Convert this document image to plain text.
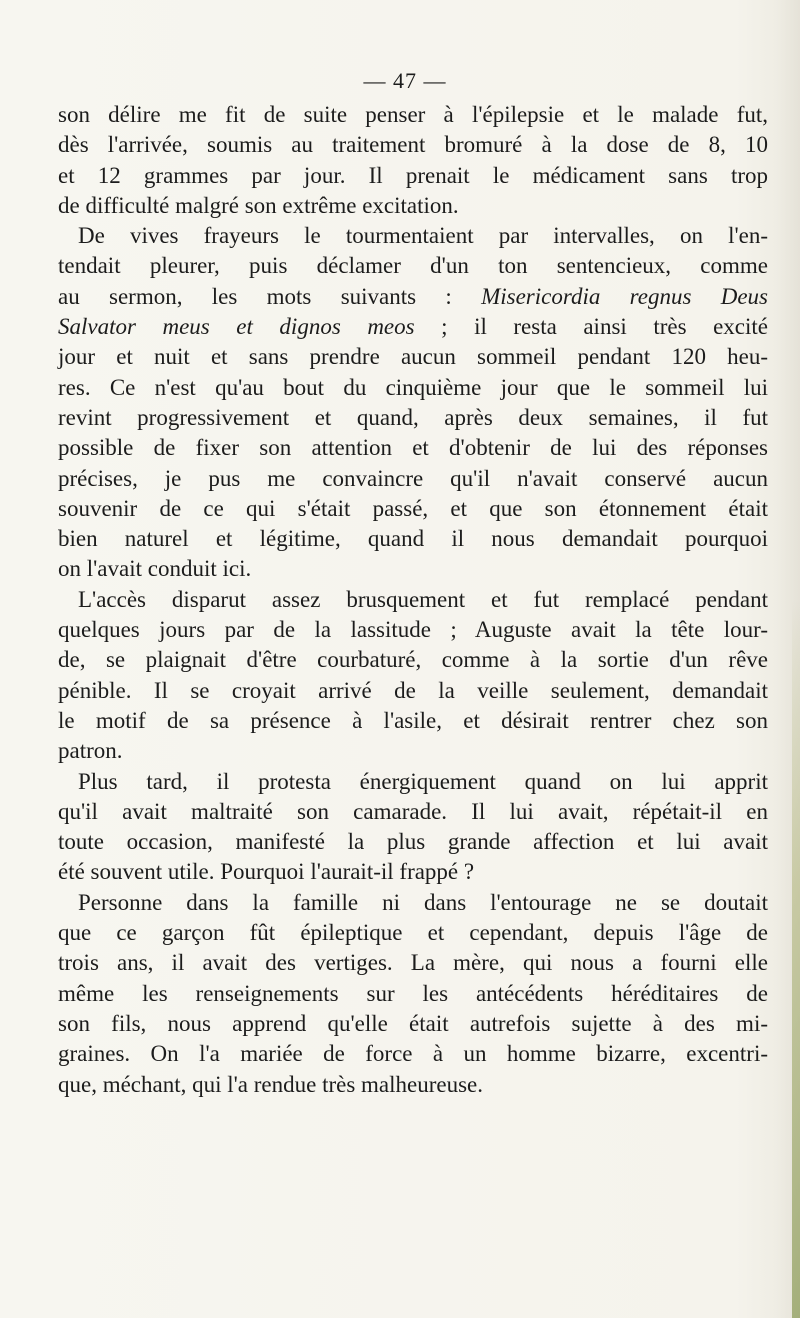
— 47 —
son délire me fit de suite penser à l'épilepsie et le malade fut,
dès l'arrivée, soumis au traitement bromuré à la dose de 8, 10
et 12 grammes par jour. Il prenait le médicament sans trop
de difficulté malgré son extrême excitation.
De vives frayeurs le tourmentaient par intervalles, on l'en-
tendait pleurer, puis déclamer d'un ton sentencieux, comme
au sermon, les mots suivants : Misericordia regnus Deus
Salvator meus et dignos meos ; il resta ainsi très excité
jour et nuit et sans prendre aucun sommeil pendant 120 heu-
res. Ce n'est qu'au bout du cinquième jour que le sommeil lui
revint progressivement et quand, après deux semaines, il fut
possible de fixer son attention et d'obtenir de lui des réponses
précises, je pus me convaincre qu'il n'avait conservé aucun
souvenir de ce qui s'était passé, et que son étonnement était
bien naturel et légitime, quand il nous demandait pourquoi
on l'avait conduit ici.
L'accès disparut assez brusquement et fut remplacé pendant
quelques jours par de la lassitude ; Auguste avait la tête lour-
de, se plaignait d'être courbaturé, comme à la sortie d'un rêve
pénible. Il se croyait arrivé de la veille seulement, demandait
le motif de sa présence à l'asile, et désirait rentrer chez son
patron.
Plus tard, il protesta énergiquement quand on lui apprit
qu'il avait maltraité son camarade. Il lui avait, répétait-il en
toute occasion, manifesté la plus grande affection et lui avait
été souvent utile. Pourquoi l'aurait-il frappé ?
Personne dans la famille ni dans l'entourage ne se doutait
que ce garçon fût épileptique et cependant, depuis l'âge de
trois ans, il avait des vertiges. La mère, qui nous a fourni elle
même les renseignements sur les antécédents héréditaires de
son fils, nous apprend qu'elle était autrefois sujette à des mi-
graines. On l'a mariée de force à un homme bizarre, excentri-
que, méchant, qui l'a rendue très malheureuse.
